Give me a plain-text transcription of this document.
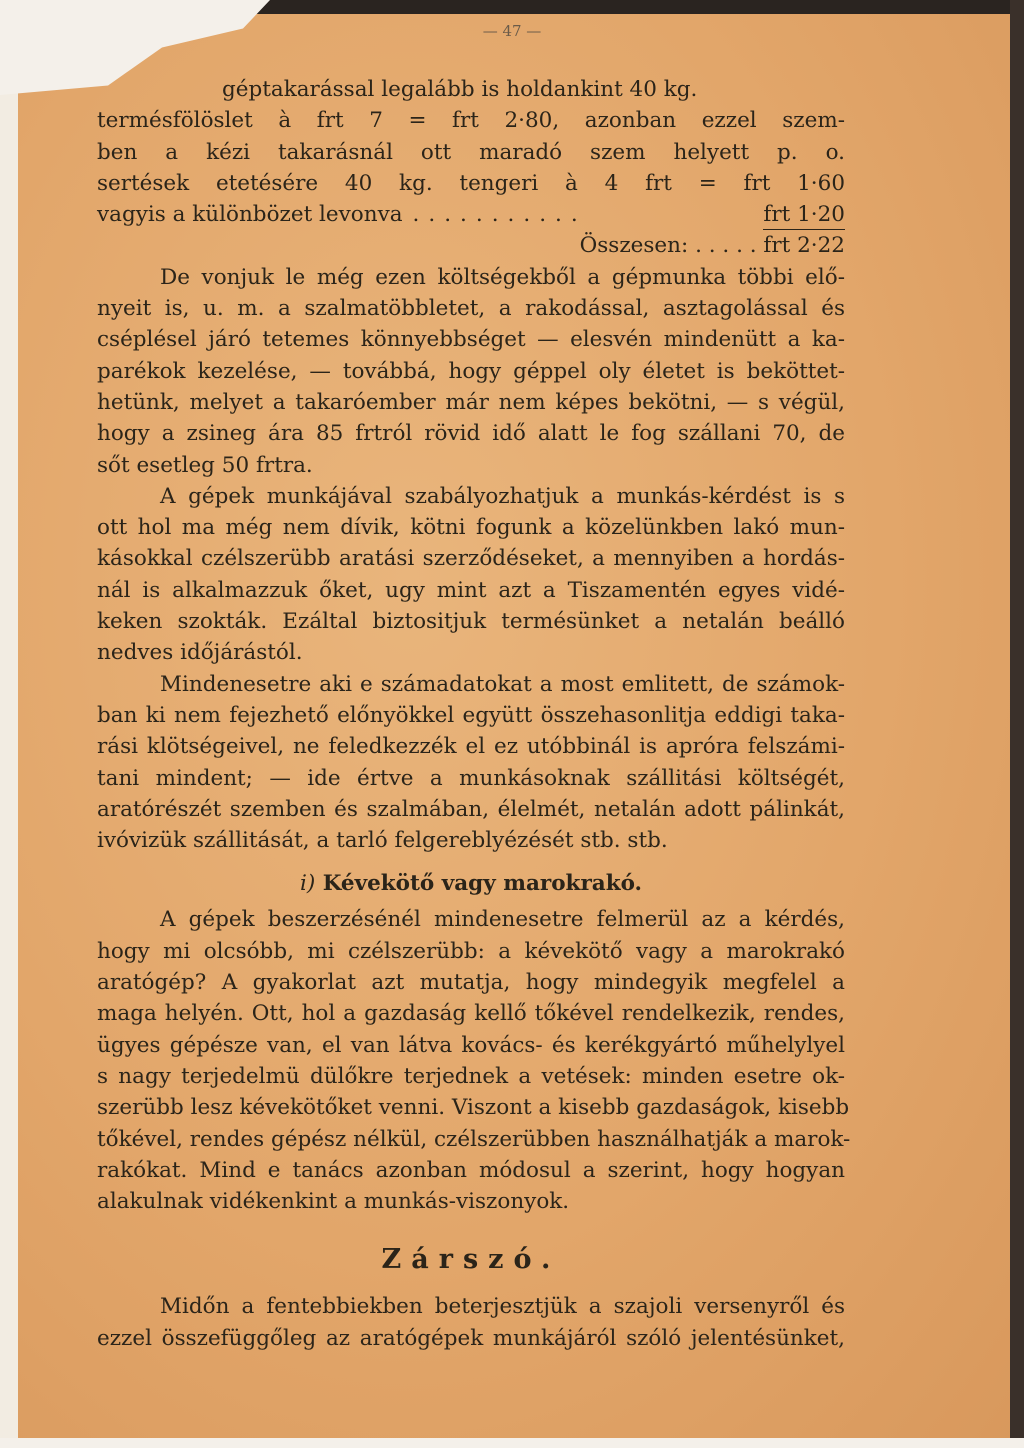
— 47 —
géptakarással legalább is holdankint 40 kg.
termésfölöslet à frt 7 = frt 2·80, azonban ezzel szem-
ben a kézi takarásnál ott maradó szem helyett p. o.
sertések etetésére 40 kg. tengeri à 4 frt = frt 1·60
vagyis a különbözet levonva ...........	frt 1·20
Összesen: . . . . . frt 2·22
De vonjuk le még ezen költségekből a gépmunka többi elő-
nyeit is, u. m. a szalmatöbbletet, a rakodással, asztagolással és
cséplésel járó tetemes könnyebbséget — elesvén mindenütt a ka-
parékok kezelése, — továbbá, hogy géppel oly életet is beköttet-
hetünk, melyet a takaróember már nem képes bekötni, — s végül,
hogy a zsineg ára 85 frtról rövid idő alatt le fog szállani 70, de
sőt esetleg 50 frtra.
A gépek munkájával szabályozhatjuk a munkás-kérdést is s
ott hol ma még nem dívik, kötni fogunk a közelünkben lakó mun-
kásokkal czélszerübb aratási szerződéseket, a mennyiben a hordás-
nál is alkalmazzuk őket, ugy mint azt a Tiszamentén egyes vidé-
keken szokták. Ezáltal biztositjuk termésünket a netalán beálló
nedves időjárástól.
Mindenesetre aki e számadatokat a most emlitett, de számok-
ban ki nem fejezhető előnyökkel együtt összehasonlitja eddigi taka-
rási klötségeivel, ne feledkezzék el ez utóbbinál is apróra felszámi-
tani mindent; — ide értve a munkásoknak szállitási költségét,
aratórészét szemben és szalmában, élelmét, netalán adott pálinkát,
ivóvizük szállitását, a tarló felgereblyézését stb. stb.
i) Kévekötő vagy marokrakó.
A gépek beszerzésénél mindenesetre felmerül az a kérdés,
hogy mi olcsóbb, mi czélszerübb: a kévekötő vagy a marokrakó
aratógép? A gyakorlat azt mutatja, hogy mindegyik megfelel a
maga helyén. Ott, hol a gazdaság kellő tőkével rendelkezik, rendes,
ügyes gépésze van, el van látva kovács- és kerékgyártó műhelylyel
s nagy terjedelmü dülőkre terjednek a vetések: minden esetre ok-
szerübb lesz kévekötőket venni. Viszont a kisebb gazdaságok, kisebb
tőkével, rendes gépész nélkül, czélszerübben használhatják a marok-
rakókat. Mind e tanács azonban módosul a szerint, hogy hogyan
alakulnak vidékenkint a munkás-viszonyok.
Zárszó.
Midőn a fentebbiekben beterjesztjük a szajoli versenyről és
ezzel összefüggőleg az aratógépek munkájáról szóló jelentésünket,
